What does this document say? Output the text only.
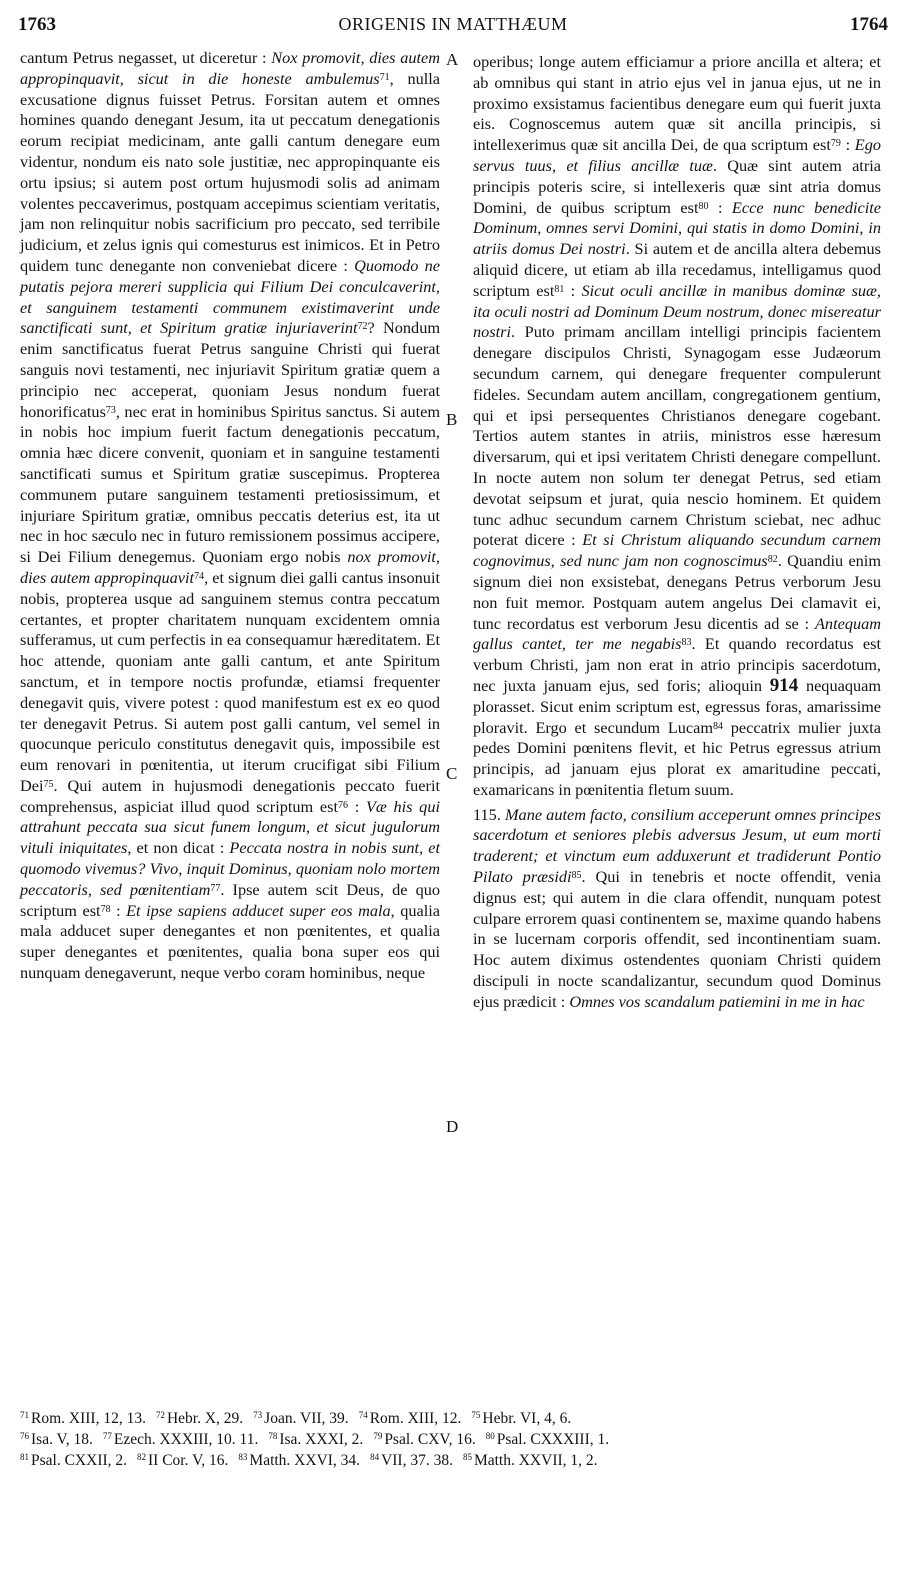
1763	ORIGENIS IN MATTHÆUM	1764

cantum Petrus negasset, ut diceretur : Nox promovit, dies autem appropinquavit, sicut in die honeste ambulemus$^{71}$, nulla excusatione dignus fuisset Petrus. Forsitan autem et omnes homines quando denegant Jesum, ita ut peccatum denegationis eorum recipiat medicinam, ante galli cantum denegare eum videntur, nondum eis nato sole justitiæ, nec appropinquante eis ortu ipsius; si autem post ortum hujusmodi solis ad animam volentes peccaverimus, postquam accepimus scientiam veritatis, jam non relinquitur nobis sacrificium pro peccato, sed terribile judicium, et zelus ignis qui comesturus est inimicos. Et in Petro quidem tunc denegante non conveniebat dicere : Quomodo ne putatis pejora mereri supplicia qui Filium Dei conculcaverint, et sanguinem testamenti communem existimaverint unde sanctificati sunt, et Spiritum gratiæ injuriaverint$^{72}$? Nondum enim sanctificatus fuerat Petrus sanguine Christi qui fuerat sanguis novi testamenti, nec injuriavit Spiritum gratiæ quem a principio nec acceperat, quoniam Jesus nondum fuerat honorificatus$^{73}$, nec erat in hominibus Spiritus sanctus. Si autem in nobis hoc impium fuerit factum denegationis peccatum, omnia hæc dicere convenit, quoniam et in sanguine testamenti sanctificati sumus et Spiritum gratiæ suscepimus. Propterea communem putare sanguinem testamenti pretiosissimum, et injuriare Spiritum gratiæ, omnibus peccatis deterius est, ita ut nec in hoc sæculo nec in futuro remissionem possimus accipere, si Dei Filium denegemus. Quoniam ergo nobis nox promovit, dies autem appropinquavit$^{74}$, et signum diei galli cantus insonuit nobis, propterea usque ad sanguinem stemus contra peccatum certantes, et propter charitatem nunquam excidentem omnia sufferamus, ut cum perfectis in ea consequamur hæreditatem. Et hoc attende, quoniam ante galli cantum, et ante Spiritum sanctum, et in tempore noctis profundæ, etiamsi frequenter denegavit quis, vivere potest : quod manifestum est ex eo quod ter denegavit Petrus. Si autem post galli cantum, vel semel in quocunque periculo constitutus denegavit quis, impossibile est eum renovari in pœnitentia, ut iterum crucifigat sibi Filium Dei$^{75}$. Qui autem in hujusmodi denegationis peccato fuerit comprehensus, aspiciat illud quod scriptum est$^{76}$ : Væ his qui attrahunt peccata sua sicut funem longum, et sicut jugulorum vituli iniquitates, et non dicat : Peccata nostra in nobis sunt, et quomodo vivemus? Vivo, inquit Dominus, quoniam nolo mortem peccatoris, sed pœnitentiam$^{77}$. Ipse autem scit Deus, de quo scriptum est$^{78}$ : Et ipse sapiens adducet super eos mala, qualia mala adducet super denegantes et non pœnitentes, et qualia super denegantes et pœnitentes, qualia bona super eos qui nunquam denegaverunt, neque verbo coram hominibus, neque

operibus; longe autem efficiamur a priore ancilla et altera; et ab omnibus qui stant in atrio ejus vel in janua ejus, ut ne in proximo exsistamus facientibus denegare eum qui fuerit juxta eis. Cognoscemus autem quæ sit ancilla principis, si intellexerimus quæ sit ancilla Dei, de qua scriptum est$^{79}$ : Ego servus tuus, et filius ancillæ tuæ. Quæ sint autem atria principis poteris scire, si intellexeris quæ sint atria domus Domini, de quibus scriptum est$^{80}$ : Ecce nunc benedicite Dominum, omnes servi Domini, qui statis in domo Domini, in atriis domus Dei nostri. Si autem et de ancilla altera debemus aliquid dicere, ut etiam ab illa recedamus, intelligamus quod scriptum est$^{81}$ : Sicut oculi ancillæ in manibus dominæ suæ, ita oculi nostri ad Dominum Deum nostrum, donec misereatur nostri. Puto primam ancillam intelligi principis facientem denegare discipulos Christi, Synagogam esse Judæorum secundum carnem, qui denegare frequenter compulerunt fideles. Secundam autem ancillam, congregationem gentium, qui et ipsi persequentes Christianos denegare cogebant. Tertios autem stantes in atriis, ministros esse hæresum diversarum, qui et ipsi veritatem Christi denegare compellunt. In nocte autem non solum ter denegat Petrus, sed etiam devotat seipsum et jurat, quia nescio hominem. Et quidem tunc adhuc secundum carnem Christum sciebat, nec adhuc poterat dicere : Et si Christum aliquando secundum carnem cognovimus, sed nunc jam non cognoscimus$^{82}$. Quandiu enim signum diei non exsistebat, denegans Petrus verborum Jesu non fuit memor. Postquam autem angelus Dei clamavit ei, tunc recordatus est verborum Jesu dicentis ad se : Antequam gallus cantet, ter me negabis$^{83}$. Et quando recordatus est verbum Christi, jam non erat in atrio principis sacerdotum, nec juxta januam ejus, sed foris; alioquin 914 nequaquam plorasset. Sicut enim scriptum est, egressus foras, amarissime ploravit. Ergo et secundum Lucam$^{84}$ peccatrix mulier juxta pedes Domini pœnitens flevit, et hic Petrus egressus atrium principis, ad januam ejus plorat ex amaritudine peccati, examaricans in pœnitentia fletum suum.

115. Mane autem facto, consilium acceperunt omnes principes sacerdotum et seniores plebis adversus Jesum, ut eum morti traderent; et vinctum eum adduxerunt et tradiderunt Pontio Pilato præsidi$^{85}$. Qui in tenebris et nocte offendit, venia dignus est; qui autem in die clara offendit, nunquam potest culpare errorem quasi continentem se, maxime quando habens in se lucernam corporis offendit, sed incontinentiam suam. Hoc autem diximus ostendentes quoniam Christi quidem discipuli in nocte scandalizantur, secundum quod Dominus ejus prædicit : Omnes vos scandalum patiemini in me in hac

A
B
C
D
$^{71}$ Rom. XIII, 12, 13. $^{72}$ Hebr. X, 29. $^{73}$ Joan. VII, 39. $^{74}$ Rom. XIII, 12. $^{75}$ Hebr. VI, 4, 6.
$^{76}$ Isa. V, 18. $^{77}$ Ezech. XXXIII, 10. 11. $^{78}$ Isa. XXXI, 2. $^{79}$ Psal. CXV, 16. $^{80}$ Psal. CXXXIII, 1.
$^{81}$ Psal. CXXII, 2. $^{82}$ II Cor. V, 16. $^{83}$ Matth. XXVI, 34. $^{84}$ VII, 37. 38. $^{85}$ Matth. XXVII, 1, 2.
